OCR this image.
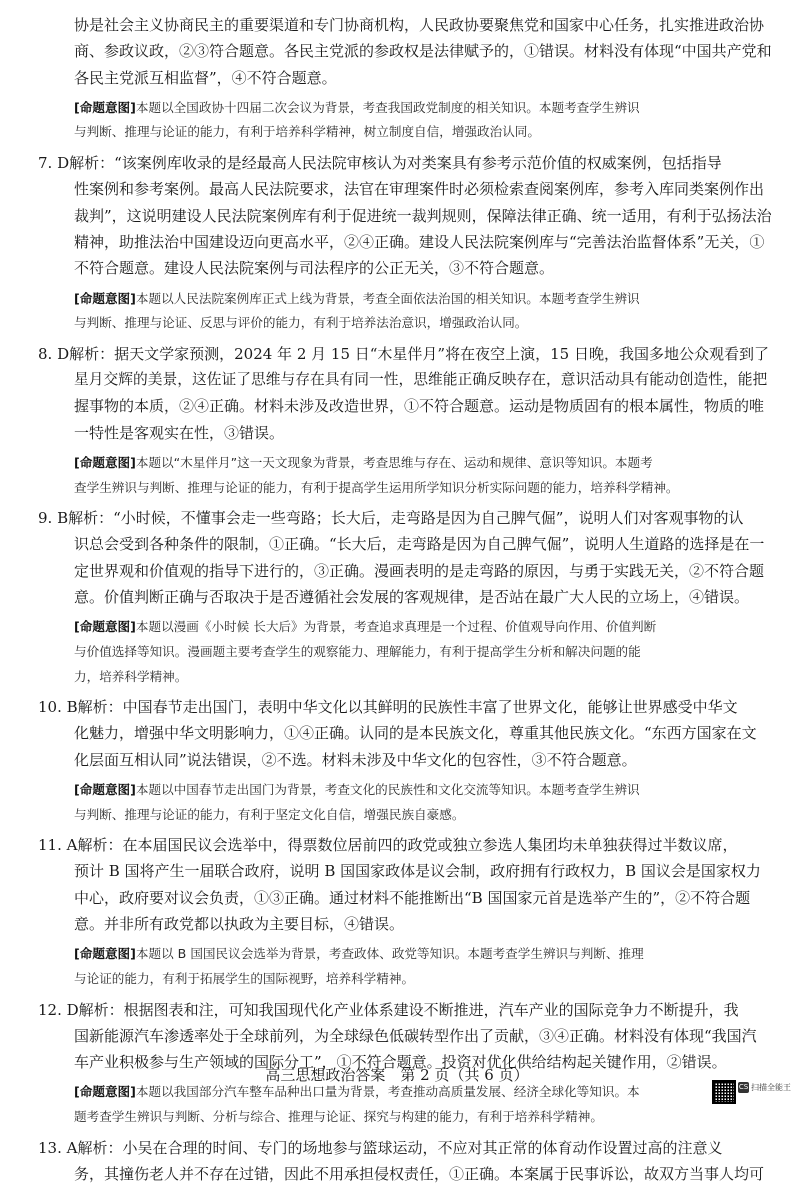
协是社会主义协商民主的重要渠道和专门协商机构，人民政协要聚焦党和国家中心任务，扎实推进政治协
商、参政议政，②③符合题意。各民主党派的参政权是法律赋予的，①错误。材料没有体现“中国共产党和
各民主党派互相监督”，④不符合题意。
[命题意图]本题以全国政协十四届二次会议为背景，考查我国政党制度的相关知识。本题考查学生辨识
与判断、推理与论证的能力，有利于培养科学精神，树立制度自信，增强政治认同。
7. D解析：“该案例库收录的是经最高人民法院审核认为对类案具有参考示范价值的权威案例，包括指导
性案例和参考案例。最高人民法院要求，法官在审理案件时必须检索查阅案例库，参考入库同类案例作出
裁判”，这说明建设人民法院案例库有利于促进统一裁判规则，保障法律正确、统一适用，有利于弘扬法治
精神，助推法治中国建设迈向更高水平，②④正确。建设人民法院案例库与“完善法治监督体系”无关，①
不符合题意。建设人民法院案例与司法程序的公正无关，③不符合题意。
[命题意图]本题以人民法院案例库正式上线为背景，考查全面依法治国的相关知识。本题考查学生辨识
与判断、推理与论证、反思与评价的能力，有利于培养法治意识，增强政治认同。
8. D解析：据天文学家预测，2024 年 2 月 15 日“木星伴月”将在夜空上演，15 日晚，我国多地公众观看到了
星月交辉的美景，这佐证了思维与存在具有同一性，思维能正确反映存在，意识活动具有能动创造性，能把
握事物的本质，②④正确。材料未涉及改造世界，①不符合题意。运动是物质固有的根本属性，物质的唯
一特性是客观实在性，③错误。
[命题意图]本题以“木星伴月”这一天文现象为背景，考查思维与存在、运动和规律、意识等知识。本题考
查学生辨识与判断、推理与论证的能力，有利于提高学生运用所学知识分析实际问题的能力，培养科学精神。
9. B解析：“小时候，不懂事会走一些弯路；长大后，走弯路是因为自己脾气倔”，说明人们对客观事物的认
识总会受到各种条件的限制，①正确。“长大后，走弯路是因为自己脾气倔”，说明人生道路的选择是在一
定世界观和价值观的指导下进行的，③正确。漫画表明的是走弯路的原因，与勇于实践无关，②不符合题
意。价值判断正确与否取决于是否遵循社会发展的客观规律，是否站在最广大人民的立场上，④错误。
[命题意图]本题以漫画《小时候 长大后》为背景，考查追求真理是一个过程、价值观导向作用、价值判断
与价值选择等知识。漫画题主要考查学生的观察能力、理解能力，有利于提高学生分析和解决问题的能
力，培养科学精神。
10. B解析：中国春节走出国门，表明中华文化以其鲜明的民族性丰富了世界文化，能够让世界感受中华文
化魅力，增强中华文明影响力，①④正确。认同的是本民族文化，尊重其他民族文化。“东西方国家在文
化层面互相认同”说法错误，②不选。材料未涉及中华文化的包容性，③不符合题意。
[命题意图]本题以中国春节走出国门为背景，考查文化的民族性和文化交流等知识。本题考查学生辨识
与判断、推理与论证的能力，有利于坚定文化自信，增强民族自豪感。
11. A解析：在本届国民议会选举中，得票数位居前四的政党或独立参选人集团均未单独获得过半数议席，
预计 B 国将产生一届联合政府，说明 B 国国家政体是议会制，政府拥有行政权力，B 国议会是国家权力
中心，政府要对议会负责，①③正确。通过材料不能推断出“B 国国家元首是选举产生的”，②不符合题
意。并非所有政党都以执政为主要目标，④错误。
[命题意图]本题以 B 国国民议会选举为背景，考查政体、政党等知识。本题考查学生辨识与判断、推理
与论证的能力，有利于拓展学生的国际视野，培养科学精神。
12. D解析：根据图表和注，可知我国现代化产业体系建设不断推进，汽车产业的国际竞争力不断提升，我
国新能源汽车渗透率处于全球前列，为全球绿色低碳转型作出了贡献，③④正确。材料没有体现“我国汽
车产业积极参与生产领域的国际分工”，①不符合题意。投资对优化供给结构起关键作用，②错误。
[命题意图]本题以我国部分汽车整车品种出口量为背景，考查推动高质量发展、经济全球化等知识。本
题考查学生辨识与判断、分析与综合、推理与论证、探究与构建的能力，有利于培养科学精神。
13. A解析：小吴在合理的时间、专门的场地参与篮球运动，不应对其正常的体育动作设置过高的注意义
务，其撞伤老人并不存在过错，因此不用承担侵权责任，①正确。本案属于民事诉讼，故双方当事人均可
高三思想政治答案　第 2 页（共 6 页）
CS 扫描全能王
